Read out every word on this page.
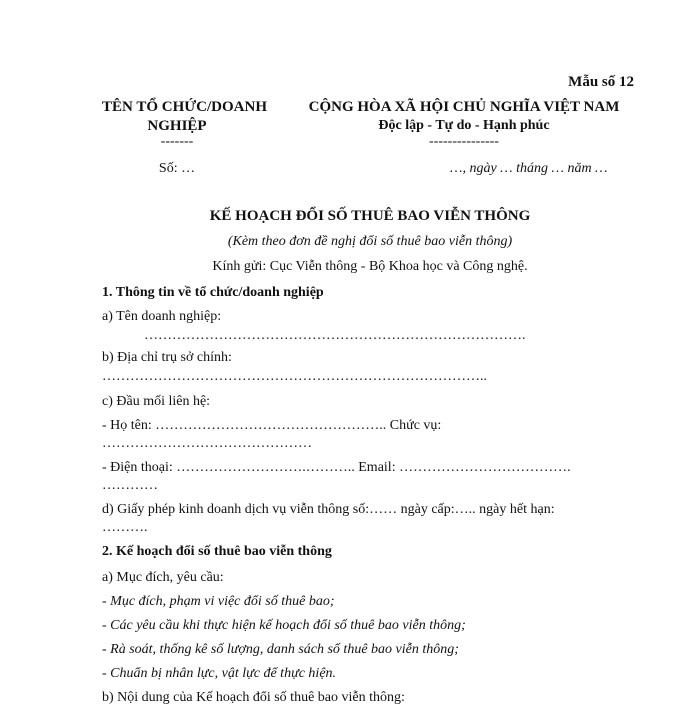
Mẫu số 12
TÊN TỔ CHỨC/DOANH
NGHIỆP
-------
Số: …
CỘNG HÒA XÃ HỘI CHỦ NGHĨA VIỆT NAM
Độc lập - Tự do - Hạnh phúc
---------------
…, ngày … tháng … năm …
KẾ HOẠCH ĐỔI SỐ THUÊ BAO VIỄN THÔNG
(Kèm theo đơn đề nghị đổi số thuê bao viễn thông)
Kính gửi: Cục Viễn thông - Bộ Khoa học và Công nghệ.
1. Thông tin về tổ chức/doanh nghiệp
a) Tên doanh nghiệp:
……………………………………………………………………….
b) Địa chỉ trụ sở chính:
………………………………………………………………………..
c) Đầu mối liên hệ:
- Họ tên: ………………………………………….. Chức vụ:
………………………………………
- Điện thoại: ……………………….……….. Email: ……………………………….
…………
d) Giấy phép kinh doanh dịch vụ viễn thông số:…… ngày cấp:….. ngày hết hạn:
……….
2. Kế hoạch đổi số thuê bao viễn thông
a) Mục đích, yêu cầu:
- Mục đích, phạm vi việc đổi số thuê bao;
- Các yêu cầu khi thực hiện kế hoạch đổi số thuê bao viễn thông;
- Rà soát, thống kê số lượng, danh sách số thuê bao viễn thông;
- Chuẩn bị nhân lực, vật lực để thực hiện.
b) Nội dung của Kế hoạch đổi số thuê bao viễn thông:
